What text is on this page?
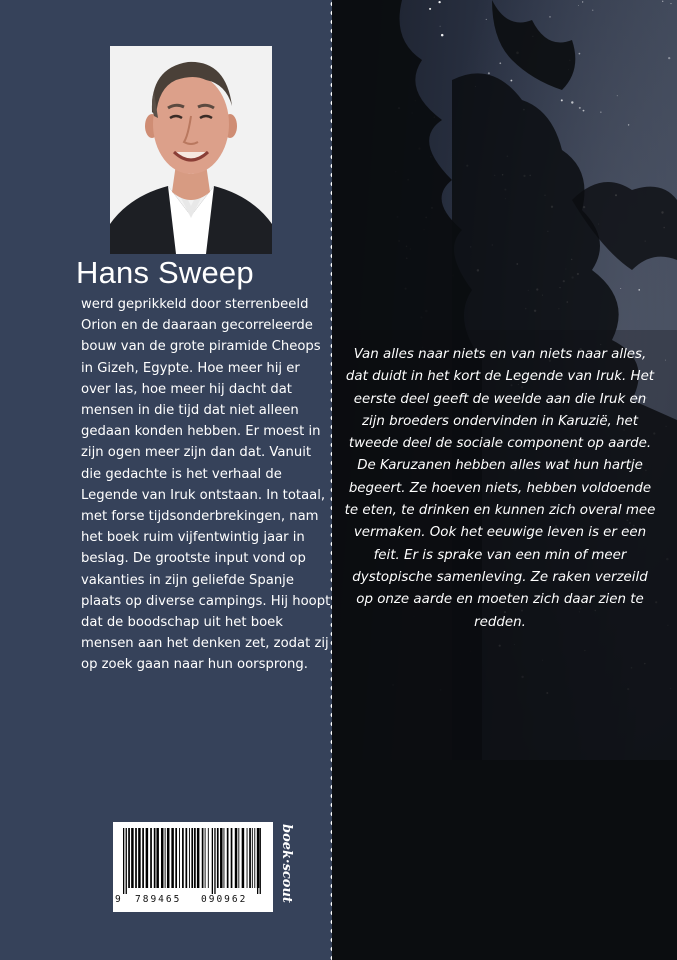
Hans Sweep

werd geprikkeld door sterrenbeeld Orion en de daaraan gecorreleerde bouw van de grote piramide Cheops in Gizeh, Egypte. Hoe meer hij er over las, hoe meer hij dacht dat mensen in die tijd dat niet alleen gedaan konden hebben. Er moest in zijn ogen meer zijn dan dat. Vanuit die gedachte is het verhaal de Legende van Iruk ontstaan. In totaal, met forse tijdsonderbrekingen, nam het boek ruim vijfentwintig jaar in beslag. De grootste input vond op vakanties in zijn geliefde Spanje plaats op diverse campings. Hij hoopt dat de boodschap uit het boek mensen aan het denken zet, zodat zij op zoek gaan naar hun oorsprong.

9 789465 090962 boek·scout

Van alles naar niets en van niets naar alles, dat duidt in het kort de Legende van Iruk. Het eerste deel geeft de weelde aan die Iruk en zijn broeders ondervinden in Karuzië, het tweede deel de sociale component op aarde. De Karuzanen hebben alles wat hun hartje begeert. Ze hoeven niets, hebben voldoende te eten, te drinken en kunnen zich overal mee vermaken. Ook het eeuwige leven is er een feit. Er is sprake van een min of meer dystopische samenleving. Ze raken verzeild op onze aarde en moeten zich daar zien te redden.
